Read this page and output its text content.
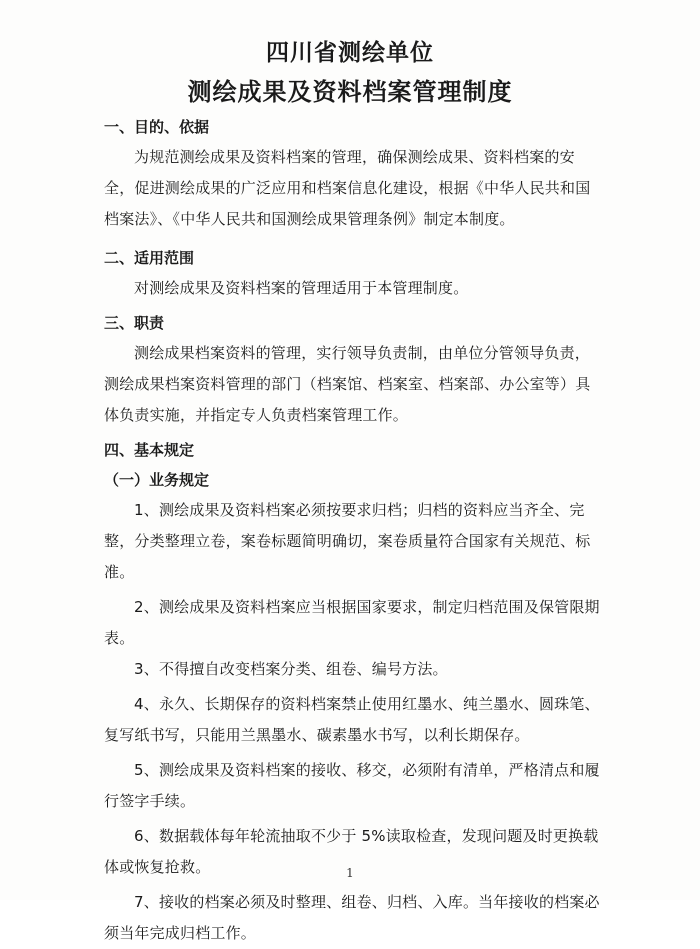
四川省测绘单位
测绘成果及资料档案管理制度
一、目的、依据

为规范测绘成果及资料档案的管理，确保测绘成果、资料档案的安全，促进测绘成果的广泛应用和档案信息化建设，根据《中华人民共和国档案法》、《中华人民共和国测绘成果管理条例》制定本制度。

二、适用范围

对测绘成果及资料档案的管理适用于本管理制度。

三、职责

测绘成果档案资料的管理，实行领导负责制，由单位分管领导负责，测绘成果档案资料管理的部门（档案馆、档案室、档案部、办公室等）具体负责实施，并指定专人负责档案管理工作。

四、基本规定
（一）业务规定

1、测绘成果及资料档案必须按要求归档；归档的资料应当齐全、完整，分类整理立卷，案卷标题简明确切，案卷质量符合国家有关规范、标准。

2、测绘成果及资料档案应当根据国家要求，制定归档范围及保管限期表。

3、不得擅自改变档案分类、组卷、编号方法。

4、永久、长期保存的资料档案禁止使用红墨水、纯兰墨水、圆珠笔、复写纸书写，只能用兰黑墨水、碳素墨水书写，以利长期保存。

5、测绘成果及资料档案的接收、移交，必须附有清单，严格清点和履行签字手续。

6、数据载体每年轮流抽取不少于 5%读取检查，发现问题及时更换载体或恢复抢救。

7、接收的档案必须及时整理、组卷、归档、入库。当年接收的档案必须当年完成归档工作。

1
